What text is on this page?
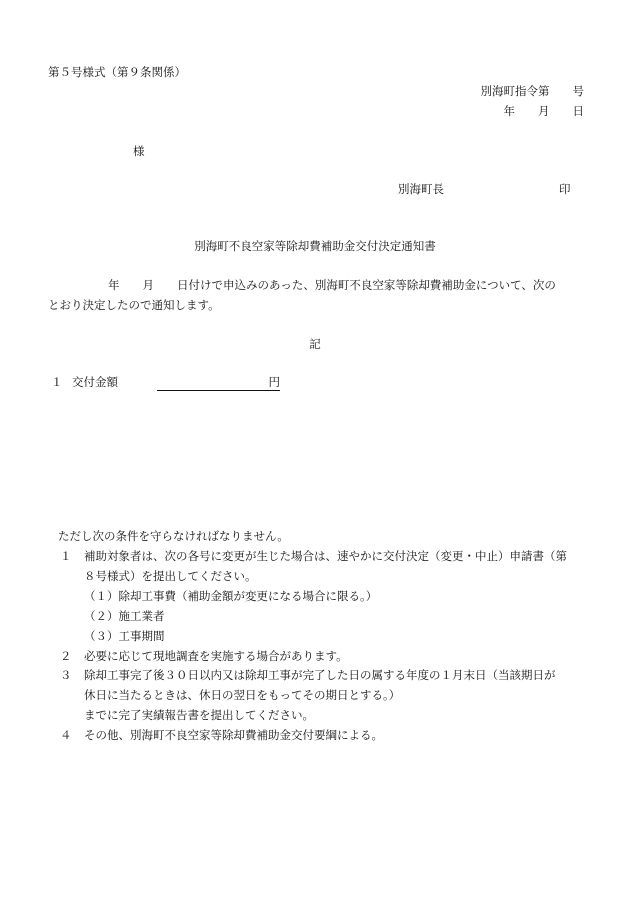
第５号様式（第９条関係）
別海町指令第　　号
年　　月　　日
様
別海町長	印
別海町不良空家等除却費補助金交付決定通知書
年　　月　　日付けで申込みのあった、別海町不良空家等除却費補助金について、次の
とおり決定したので通知します。
記
１ 交付金額	円
ただし次の条件を守らなければなりません。
１ 補助対象者は、次の各号に変更が生じた場合は、速やかに交付決定（変更・中止）申請書（第
８号様式）を提出してください。
（１）除却工事費（補助金額が変更になる場合に限る。）
（２）施工業者
（３）工事期間
２ 必要に応じて現地調査を実施する場合があります。
３ 除却工事完了後３０日以内又は除却工事が完了した日の属する年度の１月末日（当該期日が
休日に当たるときは、休日の翌日をもってその期日とする。）
までに完了実績報告書を提出してください。
４ その他、別海町不良空家等除却費補助金交付要綱による。
